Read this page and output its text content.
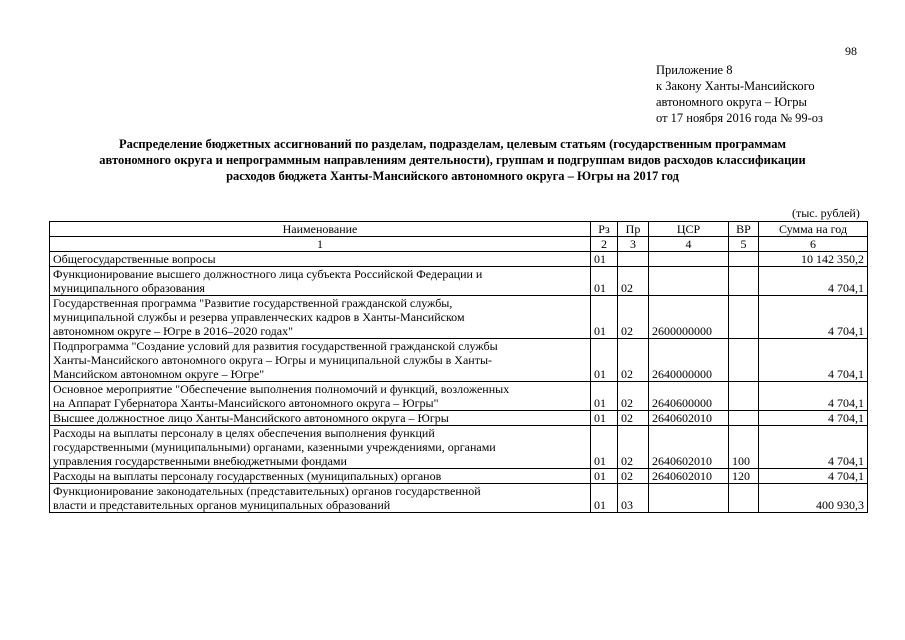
98
Приложение 8
к Закону Ханты-Мансийского
автономного округа – Югры
от 17 ноября 2016 года № 99-оз
Распределение бюджетных ассигнований по разделам, подразделам, целевым статьям (государственным программам
автономного округа и непрограммным направлениям деятельности), группам и подгруппам видов расходов классификации
расходов бюджета Ханты-Мансийского автономного округа – Югры на 2017 год
(тыс. рублей)
Наименование	Рз	Пр	ЦСР	ВР	Сумма на год
1	2	3	4	5	6

Общегосударственные вопросы	01				10 142 350,2

Функционирование высшего должностного лица субъекта Российской Федерации и
муниципального образования	01	02			4 704,1

Государственная программа "Развитие государственной гражданской службы,
муниципальной службы и резерва управленческих кадров в Ханты-Мансийском
автономном округе – Югре в 2016–2020 годах"	01	02	2600000000		4 704,1

Подпрограмма "Создание условий для развития государственной гражданской службы
Ханты-Мансийского автономного округа – Югры и муниципальной службы в Ханты-
Мансийском автономном округе – Югре"	01	02	2640000000		4 704,1

Основное мероприятие "Обеспечение выполнения полномочий и функций, возложенных
на Аппарат Губернатора Ханты-Мансийского автономного округа – Югры"	01	02	2640600000		4 704,1

Высшее должностное лицо Ханты-Мансийского автономного округа – Югры	01	02	2640602010		4 704,1

Расходы на выплаты персоналу в целях обеспечения выполнения функций
государственными (муниципальными) органами, казенными учреждениями, органами
управления государственными внебюджетными фондами	01	02	2640602010	100	4 704,1

Расходы на выплаты персоналу государственных (муниципальных) органов	01	02	2640602010	120	4 704,1

Функционирование законодательных (представительных) органов государственной
власти и представительных органов муниципальных образований	01	03			400 930,3
